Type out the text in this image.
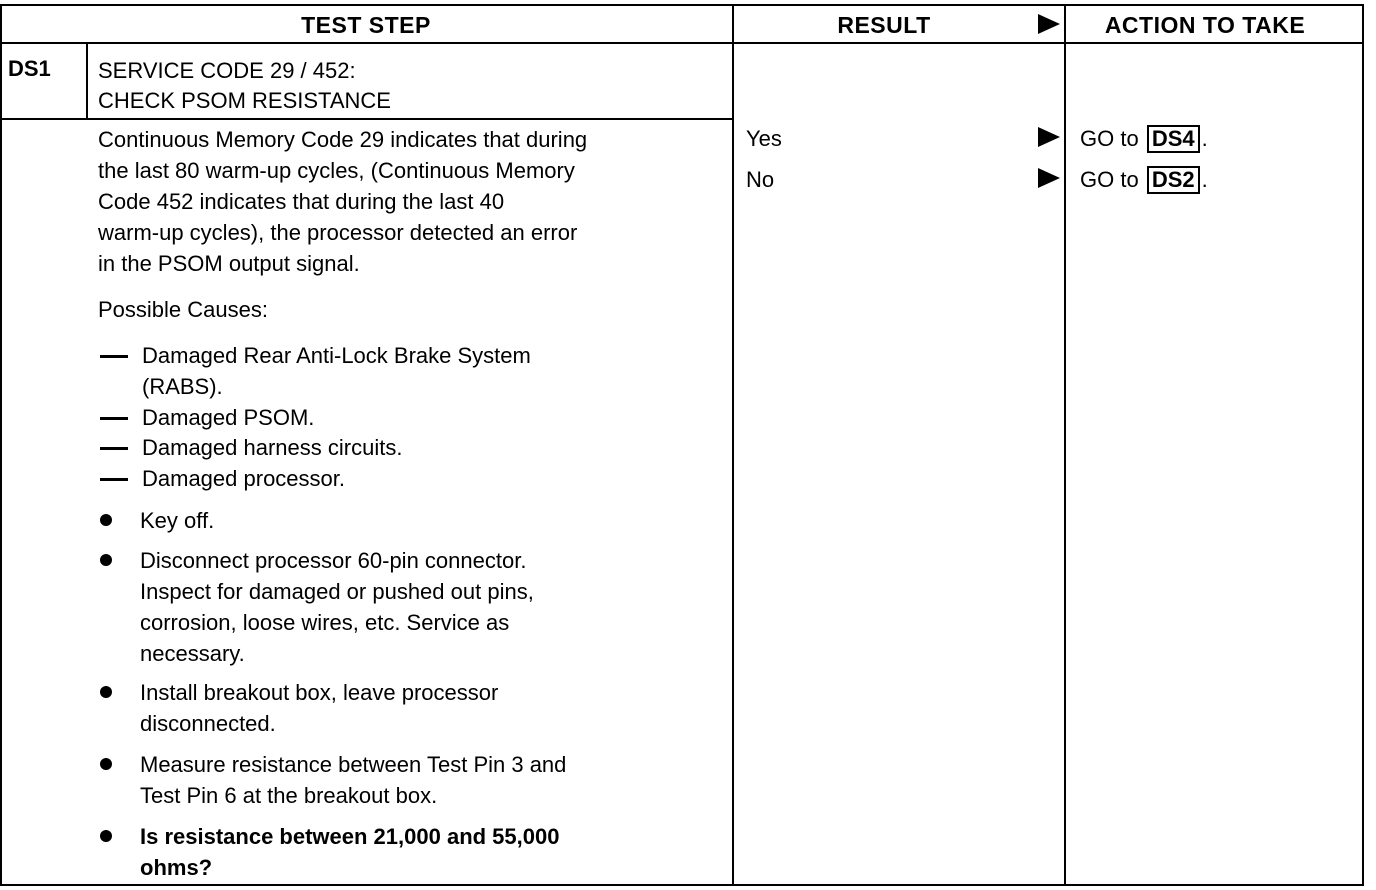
TEST STEP	RESULT	ACTION TO TAKE
DS1	SERVICE CODE 29 / 452:
CHECK PSOM RESISTANCE
Continuous Memory Code 29 indicates that during
the last 80 warm-up cycles, (Continuous Memory
Code 452 indicates that during the last 40
warm-up cycles), the processor detected an error
in the PSOM output signal.
Possible Causes:
Damaged Rear Anti-Lock Brake System
(RABS).
Damaged PSOM.
Damaged harness circuits.
Damaged processor.
Key off.
Disconnect processor 60-pin connector.
Inspect for damaged or pushed out pins,
corrosion, loose wires, etc. Service as
necessary.
Install breakout box, leave processor
disconnected.
Measure resistance between Test Pin 3 and
Test Pin 6 at the breakout box.
Is resistance between 21,000 and 55,000
ohms?
Yes	GO to DS4 .
No	GO to DS2 .
